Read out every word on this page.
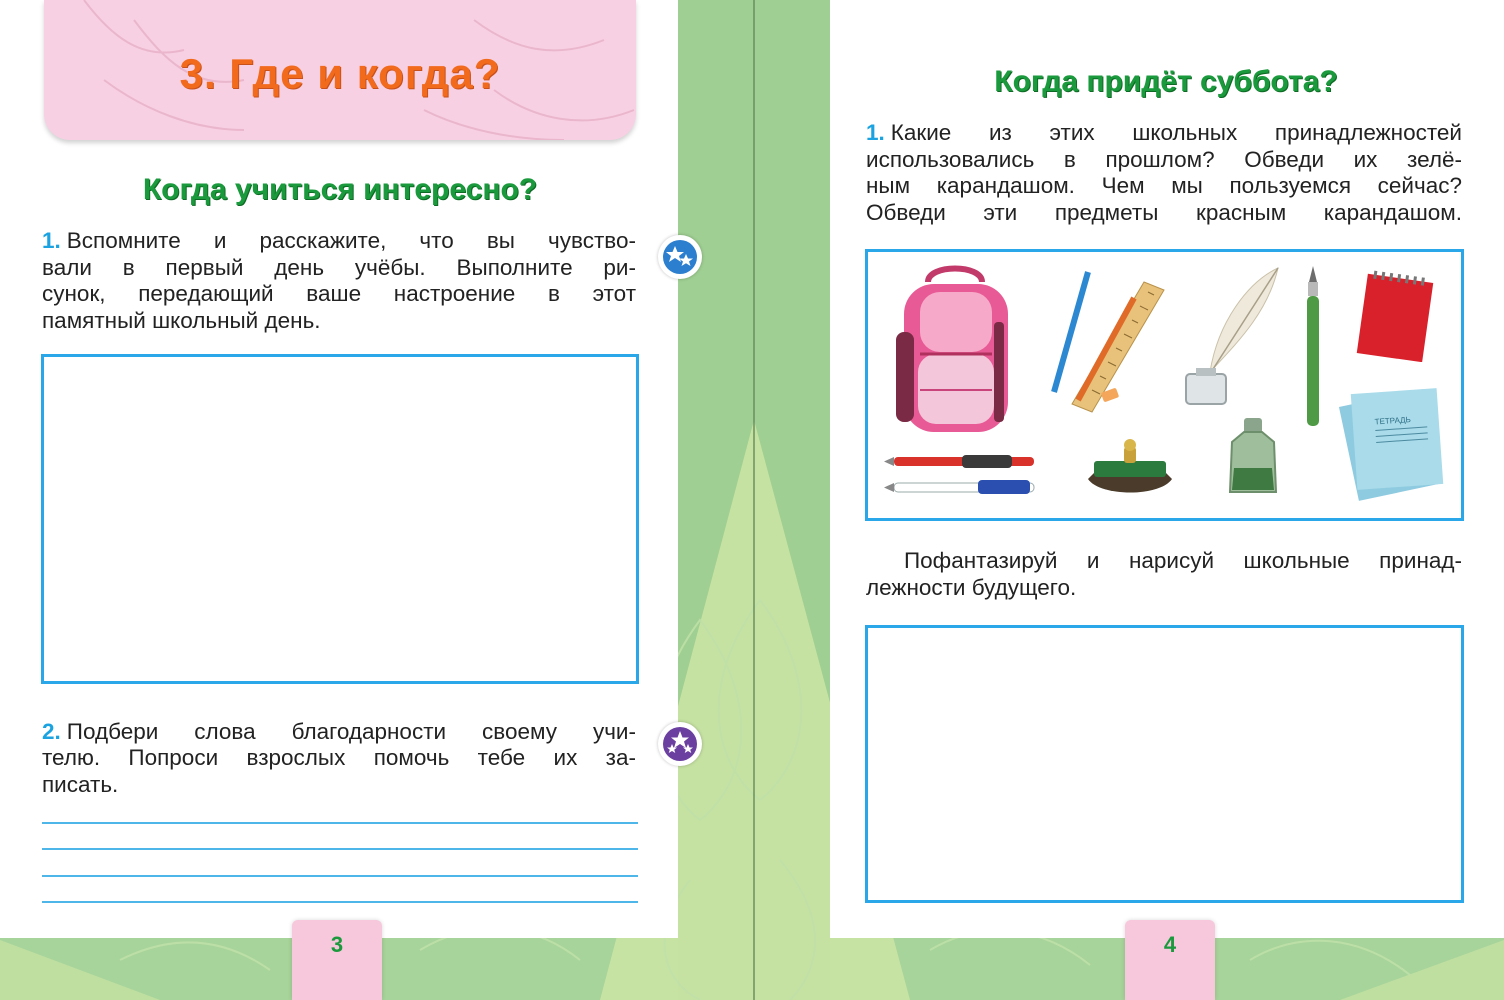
3. Где и когда?
Когда учиться интересно?
1. Вспомните и расскажите, что вы чувство-
вали в первый день учёбы. Выполните ри-
сунок, передающий ваше настроение в этот
памятный школьный день.
2. Подбери слова благодарности своему учи-
телю. Попроси взрослых помочь тебе их за-
писать.
3
Когда придёт суббота?
1. Какие из этих школьных принадлежностей
использовались в прошлом? Обведи их зелё-
ным карандашом. Чем мы пользуемся сейчас?
Обведи эти предметы красным карандашом.
ТЕТРАДЬ
Пофантазируй и нарисуй школьные принад-
лежности будущего.
4
